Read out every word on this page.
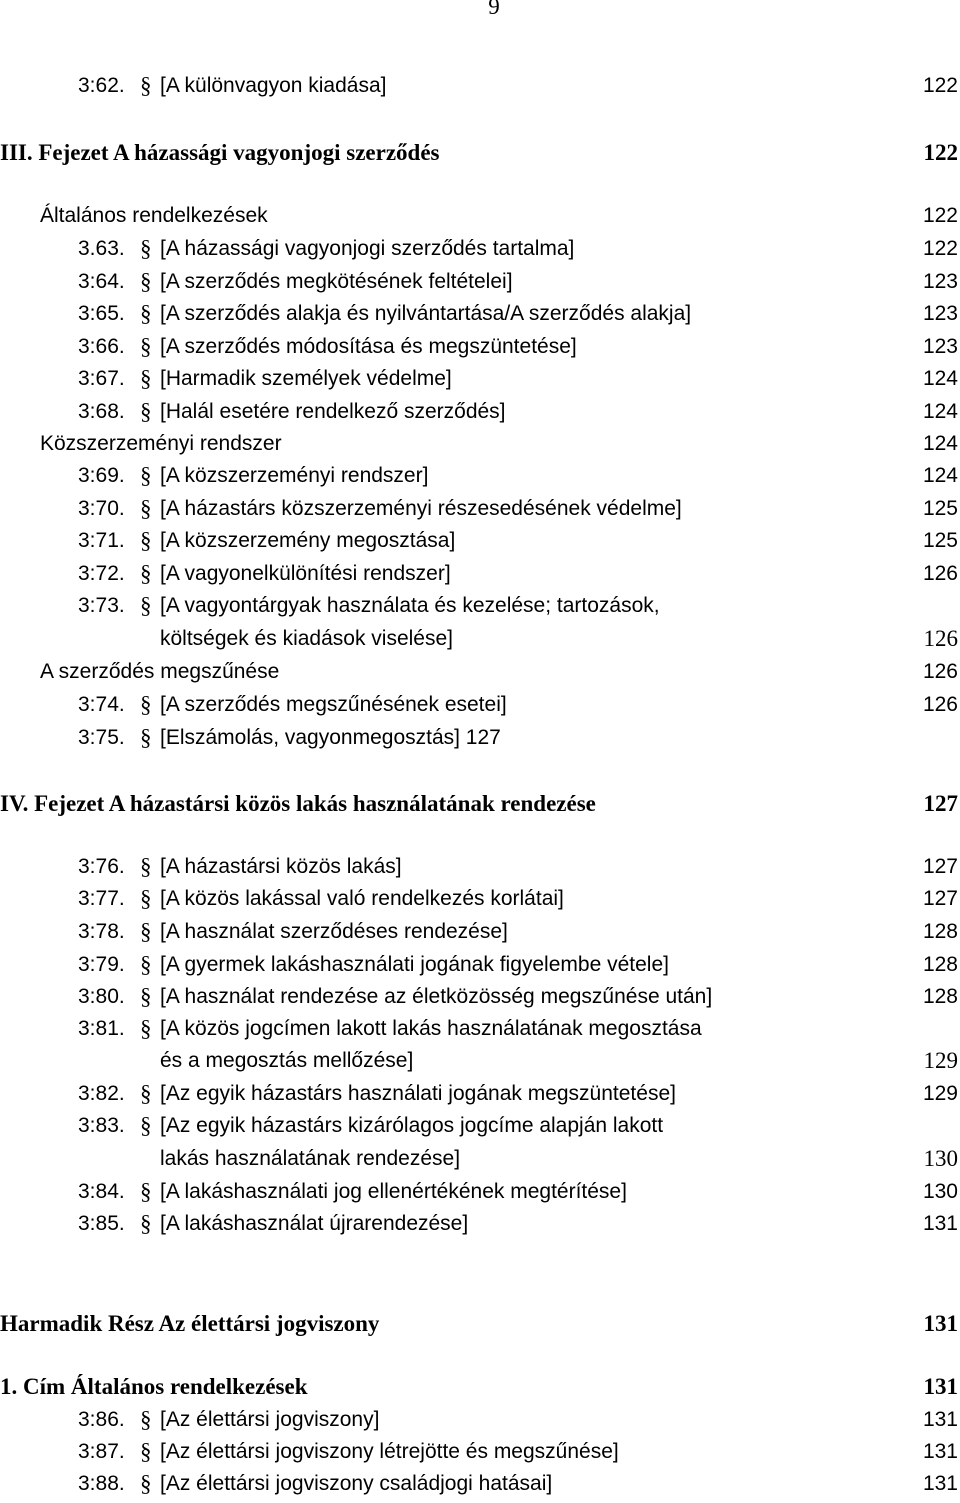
9
3:62. § [A különvagyon kiadása]	122
III. Fejezet A házassági vagyonjogi szerződés	122
Általános rendelkezések	122
3.63. § [A házassági vagyonjogi szerződés tartalma]	122
3:64. § [A szerződés megkötésének feltételei]	123
3:65. § [A szerződés alakja és nyilvántartása/A szerződés alakja]	123
3:66. § [A szerződés módosítása és megszüntetése]	123
3:67. § [Harmadik személyek védelme]	124
3:68. § [Halál esetére rendelkező szerződés]	124
Közszerzeményi rendszer	124
3:69. § [A közszerzeményi rendszer]	124
3:70. § [A házastárs közszerzeményi részesedésének védelme]	125
3:71. § [A közszerzemény megosztása]	125
3:72. § [A vagyonelkülönítési rendszer]	126
3:73. § [A vagyontárgyak használata és kezelése; tartozások,
költségek és kiadások viselése]	126
A szerződés megszűnése	126
3:74. § [A szerződés megszűnésének esetei]	126
3:75. § [Elszámolás, vagyonmegosztás] 127
IV. Fejezet A házastársi közös lakás használatának rendezése	127
3:76. § [A házastársi közös lakás]	127
3:77. § [A közös lakással való rendelkezés korlátai]	127
3:78. § [A használat szerződéses rendezése]	128
3:79. § [A gyermek lakáshasználati jogának figyelembe vétele]	128
3:80. § [A használat rendezése az életközösség megszűnése után]	128
3:81. § [A közös jogcímen lakott lakás használatának megosztása
és a megosztás mellőzése]	129
3:82. § [Az egyik házastárs használati jogának megszüntetése]	129
3:83. § [Az egyik házastárs kizárólagos jogcíme alapján lakott
lakás használatának rendezése]	130
3:84. § [A lakáshasználati jog ellenértékének megtérítése]	130
3:85. § [A lakáshasználat újrarendezése]	131
Harmadik Rész Az élettársi jogviszony	131
1. Cím Általános rendelkezések	131
3:86. § [Az élettársi jogviszony]	131
3:87. § [Az élettársi jogviszony létrejötte és megszűnése]	131
3:88. § [Az élettársi jogviszony családjogi hatásai]	131
